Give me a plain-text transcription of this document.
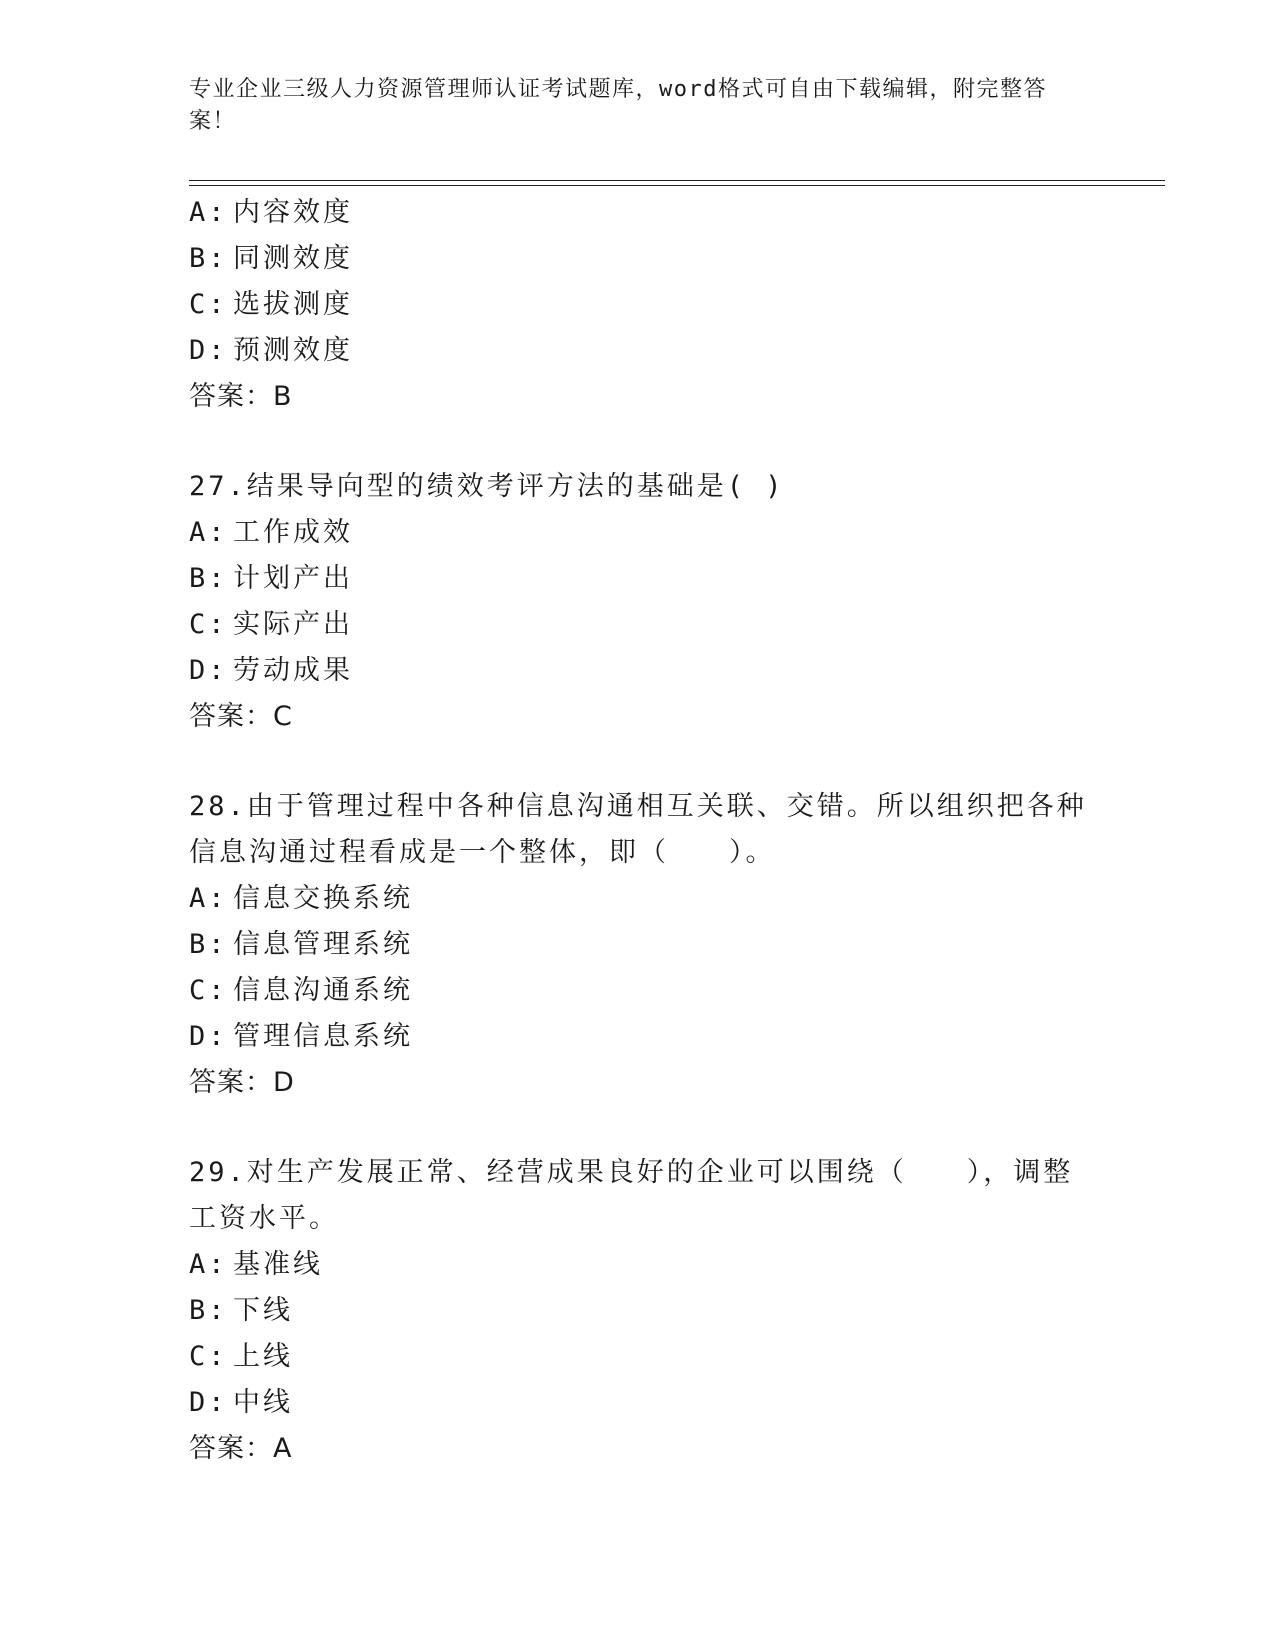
专业企业三级人力资源管理师认证考试题库，word格式可自由下载编辑，附完整答案！
A: 内容效度
B: 同测效度
C: 选拔测度
D: 预测效度
答案：B
27.结果导向型的绩效考评方法的基础是( )
A: 工作成效
B: 计划产出
C: 实际产出
D: 劳动成果
答案：C
28.由于管理过程中各种信息沟通相互关联、交错。所以组织把各种信息沟通过程看成是一个整体，即（　　）。
A: 信息交换系统
B: 信息管理系统
C: 信息沟通系统
D: 管理信息系统
答案：D
29.对生产发展正常、经营成果良好的企业可以围绕（　　），调整工资水平。
A: 基准线
B: 下线
C: 上线
D: 中线
答案：A
